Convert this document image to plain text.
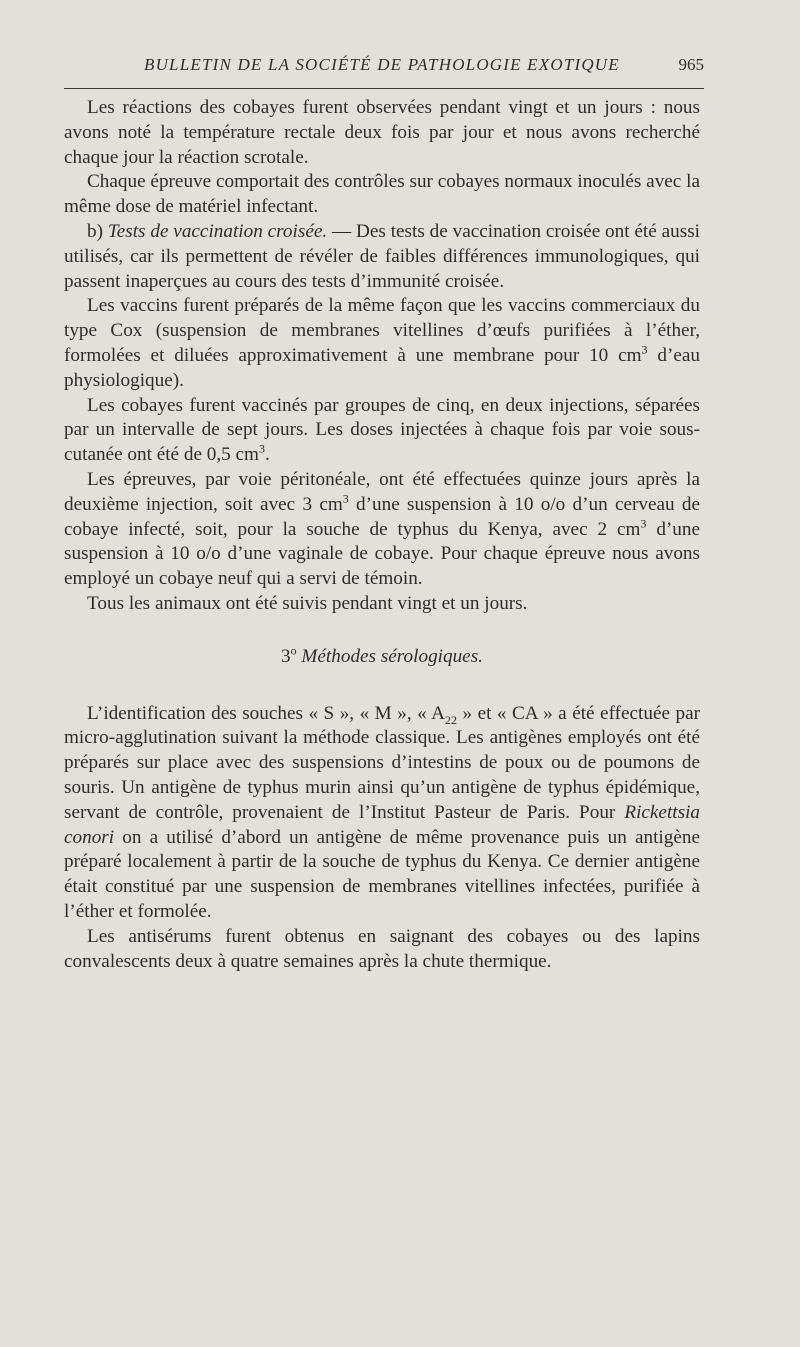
BULLETIN DE LA SOCIÉTÉ DE PATHOLOGIE EXOTIQUE	965

Les réactions des cobayes furent observées pendant vingt et un jours : nous avons noté la température rectale deux fois par jour et nous avons recherché chaque jour la réaction scrotale.

Chaque épreuve comportait des contrôles sur cobayes normaux inoculés avec la même dose de matériel infectant.

b) Tests de vaccination croisée. — Des tests de vaccination croisée ont été aussi utilisés, car ils permettent de révéler de faibles différences immunologiques, qui passent inaperçues au cours des tests d’immunité croisée.

Les vaccins furent préparés de la même façon que les vaccins commerciaux du type Cox (suspension de membranes vitellines d’œufs purifiées à l’éther, formolées et diluées approximativement à une membrane pour 10 $cm^3$ d’eau physiologique).

Les cobayes furent vaccinés par groupes de cinq, en deux injections, séparées par un intervalle de sept jours. Les doses injectées à chaque fois par voie sous-cutanée ont été de 0,5 $cm^3$.

Les épreuves, par voie péritonéale, ont été effectuées quinze jours après la deuxième injection, soit avec 3 $cm^3$ d’une suspension à 10 o/o d’un cerveau de cobaye infecté, soit, pour la souche de typhus du Kenya, avec 2 $cm^3$ d’une suspension à 10 o/o d’une vaginale de cobaye. Pour chaque épreuve nous avons employé un cobaye neuf qui a servi de témoin.

Tous les animaux ont été suivis pendant vingt et un jours.

3$^o$ Méthodes sérologiques.

L’identification des souches « S », « M », « $A_{22}$ » et « CA » a été effectuée par micro-agglutination suivant la méthode classique. Les antigènes employés ont été préparés sur place avec des suspensions d’intestins de poux ou de poumons de souris. Un antigène de typhus murin ainsi qu’un antigène de typhus épidémique, servant de contrôle, provenaient de l’Institut Pasteur de Paris. Pour Rickettsia conori on a utilisé d’abord un antigène de même provenance puis un antigène préparé localement à partir de la souche de typhus du Kenya. Ce dernier antigène était constitué par une suspension de membranes vitellines infectées, purifiée à l’éther et formolée.

Les antisérums furent obtenus en saignant des cobayes ou des lapins convalescents deux à quatre semaines après la chute thermique.
